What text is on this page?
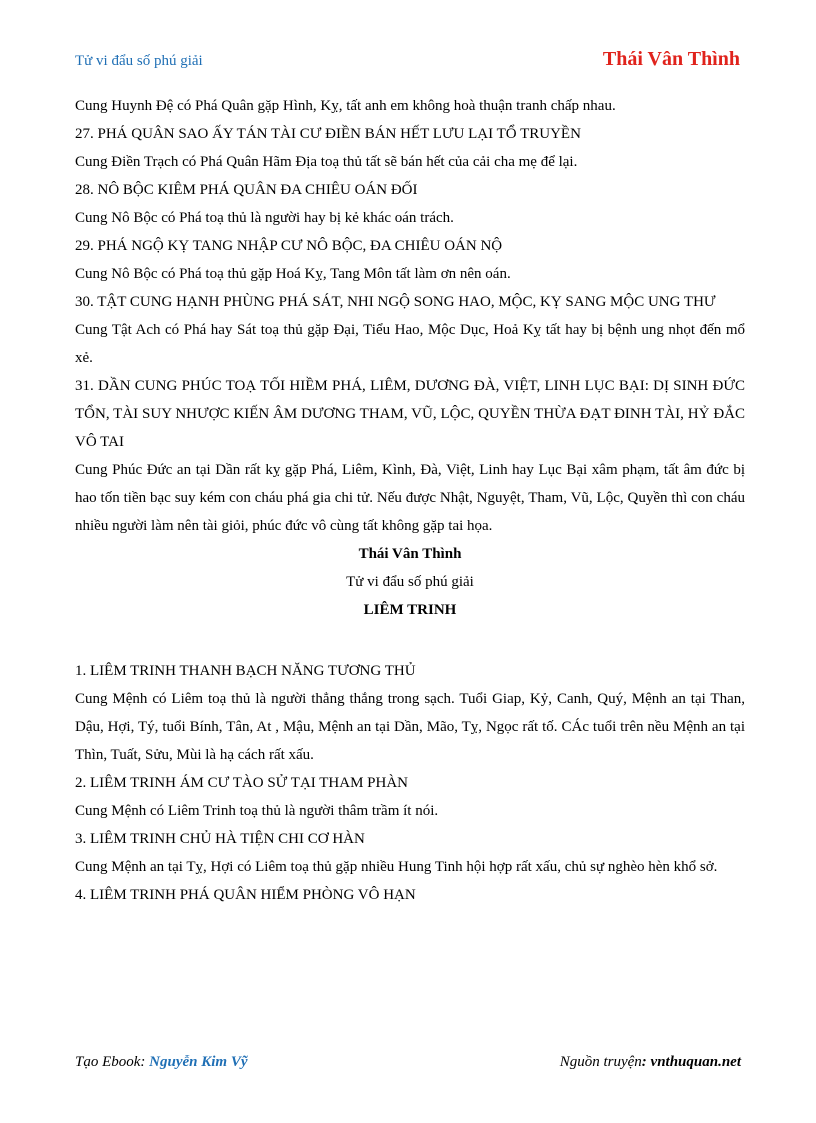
Tử vi đẩu số phú giải	Thái Vân Thình

Cung Huynh Đệ có Phá Quân gặp Hình, Kỵ, tất anh em không hoà thuận tranh chấp nhau.

27. PHÁ QUÂN SAO ẤY TÁN TÀI CƯ ĐIỀN BÁN HẾT LƯU LẠI TỔ TRUYỀN

Cung Điền Trạch có Phá Quân Hãm Địa toạ thủ tất sẽ bán hết của cải cha mẹ để lại.

28. NÔ BỘC KIÊM PHÁ QUÂN ĐA CHIÊU OÁN ĐỐI

Cung Nô Bộc có Phá toạ thủ là người hay bị kẻ khác oán trách.

29. PHÁ NGỘ KỴ TANG NHẬP CƯ NÔ BỘC, ĐA CHIÊU OÁN NỘ

Cung Nô Bộc có Phá toạ thủ gặp Hoá Kỵ, Tang Môn tất làm ơn nên oán.

30. TẬT CUNG HẠNH PHÙNG PHÁ SÁT, NHI NGỘ SONG HAO, MỘC, KỴ SANG MỘC UNG THƯ

Cung Tật Ach có Phá hay Sát toạ thủ gặp Đại, Tiểu Hao, Mộc Dục, Hoả Kỵ tất hay bị bệnh ung nhọt đến mổ xẻ.

31. DẦN CUNG PHÚC TOẠ TỐI HIỀM PHÁ, LIÊM, DƯƠNG ĐÀ, VIỆT, LINH LỤC BẠI: DỊ SINH ĐỨC TỔN, TÀI SUY NHƯỢC KIẾN ÂM DƯƠNG THAM, VŨ, LỘC, QUYỀN THỪA ĐẠT ĐINH TÀI, HỶ ĐẮC VÔ TAI

Cung Phúc Đức an tại Dần rất kỵ gặp Phá, Liêm, Kình, Đà, Việt, Linh hay Lục Bại xâm phạm, tất âm đức bị hao tốn tiền bạc suy kém con cháu phá gia chi tử. Nếu được Nhật, Nguyệt, Tham, Vũ, Lộc, Quyền thì con cháu nhiều người làm nên tài giỏi, phúc đức vô cùng tất không gặp tai họa.

Thái Vân Thình

Tử vi đẩu số phú giải

LIÊM TRINH

1. LIÊM TRINH THANH BẠCH NĂNG TƯƠNG THỦ

Cung Mệnh có Liêm toạ thủ là người thẳng thắng trong sạch. Tuổi Giap, Kỷ, Canh, Quý, Mệnh an tại Than, Dậu, Hợi, Tý, tuổi Bính, Tân, At , Mậu, Mệnh an tại Dần, Mão, Tỵ, Ngọc rất tố. CÁc tuổi trên nều Mệnh an tại Thìn, Tuất, Sửu, Mùi là hạ cách rất xấu.

2. LIÊM TRINH ÁM CƯ TÀO SỬ TẠI THAM PHÀN

Cung Mệnh có Liêm Trinh toạ thủ là người thâm trầm ít nói.

3. LIÊM TRINH CHỦ HÀ TIỆN CHI CƠ HÀN

Cung Mệnh an tại Tỵ, Hợi có Liêm toạ thủ gặp nhiều Hung Tinh hội hợp rất xấu, chủ sự nghèo hèn khổ sở.

4. LIÊM TRINH PHÁ QUÂN HIỂM PHÒNG VÔ HẠN

Tạo Ebook: Nguyễn Kim Vỹ	Nguồn truyện: vnthuquan.net
